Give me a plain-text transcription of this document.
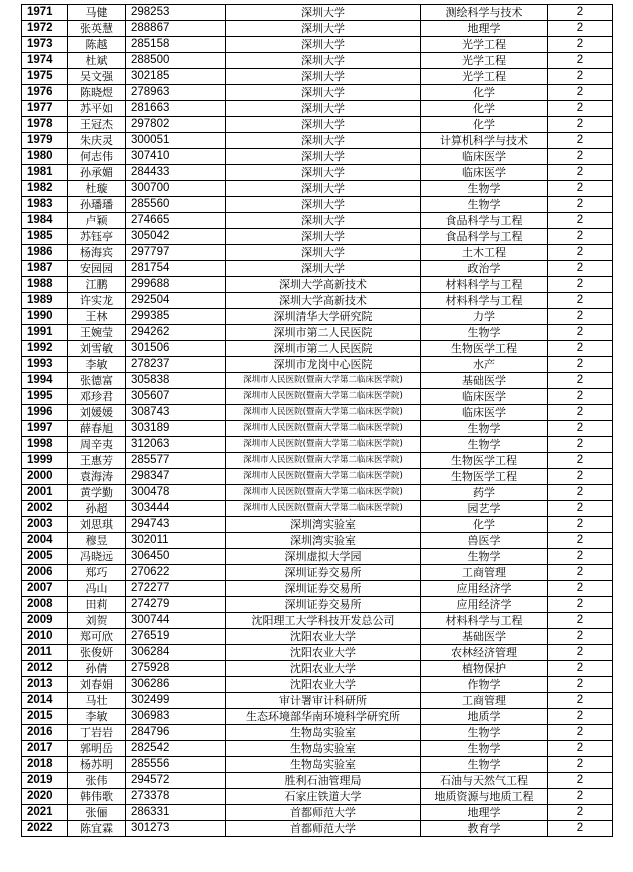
1971	马健	298253	深圳大学	测绘科学与技术	2
1972	张英慧	288867	深圳大学	地理学	2
1973	陈越	285158	深圳大学	光学工程	2
1974	杜斌	288500	深圳大学	光学工程	2
1975	吴文强	302185	深圳大学	光学工程	2
1976	陈晓煜	278963	深圳大学	化学	2
1977	苏平如	281663	深圳大学	化学	2
1978	王冠杰	297802	深圳大学	化学	2
1979	朱庆灵	300051	深圳大学	计算机科学与技术	2
1980	何志伟	307410	深圳大学	临床医学	2
1981	孙承媚	284433	深圳大学	临床医学	2
1982	杜璇	300700	深圳大学	生物学	2
1983	孙璠璠	285560	深圳大学	生物学	2
1984	卢颖	274665	深圳大学	食品科学与工程	2
1985	苏钰亭	305042	深圳大学	食品科学与工程	2
1986	杨海宾	297797	深圳大学	土木工程	2
1987	安园园	281754	深圳大学	政治学	2
1988	江鹏	299688	深圳大学高新技术	材料科学与工程	2
1989	许实龙	292504	深圳大学高新技术	材料科学与工程	2
1990	王林	299385	深圳清华大学研究院	力学	2
1991	王婉莹	294262	深圳市第二人民医院	生物学	2
1992	刘雪敏	301506	深圳市第二人民医院	生物医学工程	2
1993	李敏	278237	深圳市龙岗中心医院	水产	2
1994	张德富	305838	深圳市人民医院(暨南大学第二临床医学院)	基础医学	2
1995	邓珍君	305607	深圳市人民医院(暨南大学第二临床医学院)	临床医学	2
1996	刘媛媛	308743	深圳市人民医院(暨南大学第二临床医学院)	临床医学	2
1997	薛春旭	303189	深圳市人民医院(暨南大学第二临床医学院)	生物学	2
1998	周辛夷	312063	深圳市人民医院(暨南大学第二临床医学院)	生物学	2
1999	王惠芳	285577	深圳市人民医院(暨南大学第二临床医学院)	生物医学工程	2
2000	袁海涛	298347	深圳市人民医院(暨南大学第二临床医学院)	生物医学工程	2
2001	黄学勤	300478	深圳市人民医院(暨南大学第二临床医学院)	药学	2
2002	孙超	303444	深圳市人民医院(暨南大学第二临床医学院)	园艺学	2
2003	刘思琪	294743	深圳湾实验室	化学	2
2004	穆昱	302011	深圳湾实验室	兽医学	2
2005	冯晓远	306450	深圳虚拟大学园	生物学	2
2006	郑巧	270622	深圳证券交易所	工商管理	2
2007	冯山	272277	深圳证券交易所	应用经济学	2
2008	田莉	274279	深圳证券交易所	应用经济学	2
2009	刘贺	300744	沈阳理工大学科技开发总公司	材料科学与工程	2
2010	郑可欣	276519	沈阳农业大学	基础医学	2
2011	张俊妍	306284	沈阳农业大学	农林经济管理	2
2012	孙倩	275928	沈阳农业大学	植物保护	2
2013	刘春娟	306286	沈阳农业大学	作物学	2
2014	马壮	302499	审计署审计科研所	工商管理	2
2015	李敏	306983	生态环境部华南环境科学研究所	地质学	2
2016	丁岩岩	284796	生物岛实验室	生物学	2
2017	郭明岳	282542	生物岛实验室	生物学	2
2018	杨苏明	285556	生物岛实验室	生物学	2
2019	张伟	294572	胜利石油管理局	石油与天然气工程	2
2020	韩伟歌	273378	石家庄铁道大学	地质资源与地质工程	2
2021	张俪	286331	首都师范大学	地理学	2
2022	陈宜霖	301273	首都师范大学	教育学	2
